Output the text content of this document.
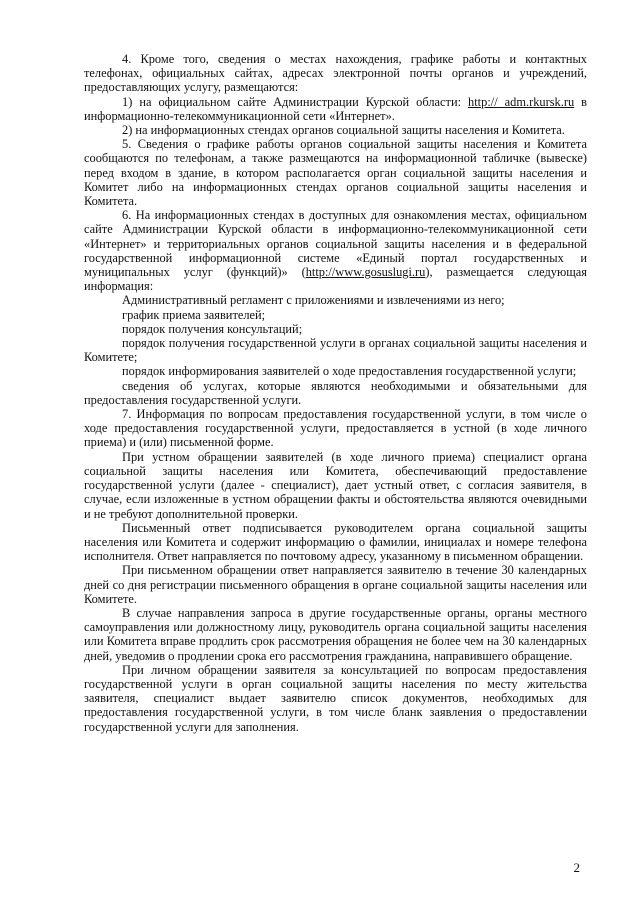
4. Кроме того, сведения о местах нахождения, графике работы и контактных телефонах, официальных сайтах, адресах электронной почты органов и учреждений, предоставляющих услугу, размещаются:

1) на официальном сайте Администрации Курской области: http:// adm.rkursk.ru в информационно-телекоммуникационной сети «Интернет».

2) на информационных стендах органов социальной защиты населения и Комитета.

5. Сведения о графике работы органов социальной защиты населения и Комитета сообщаются по телефонам, а также размещаются на информационной табличке (вывеске) перед входом в здание, в котором располагается орган социальной защиты населения и Комитет либо на информационных стендах органов социальной защиты населения и Комитета.

6. На информационных стендах в доступных для ознакомления местах, официальном сайте Администрации Курской области в информационно-телекоммуникационной сети «Интернет» и территориальных органов социальной защиты населения и в федеральной государственной информационной системе «Единый портал государственных и муниципальных услуг (функций)» (http://www.gosuslugi.ru), размещается следующая информация:

Административный регламент с приложениями и извлечениями из него;

график приема заявителей;

порядок получения консультаций;

порядок получения государственной услуги в органах социальной защиты населения и Комитете;

порядок информирования заявителей о ходе предоставления государственной услуги;

сведения об услугах, которые являются необходимыми и обязательными для предоставления государственной услуги.

7. Информация по вопросам предоставления государственной услуги, в том числе о ходе предоставления государственной услуги, предоставляется в устной (в ходе личного приема) и (или) письменной форме.

При устном обращении заявителей (в ходе личного приема) специалист органа социальной защиты населения или Комитета, обеспечивающий предоставление государственной услуги (далее - специалист), дает устный ответ, с согласия заявителя, в случае, если изложенные в устном обращении факты и обстоятельства являются очевидными и не требуют дополнительной проверки.

Письменный ответ подписывается руководителем органа социальной защиты населения или Комитета и содержит информацию о фамилии, инициалах и номере телефона исполнителя. Ответ направляется по почтовому адресу, указанному в письменном обращении.

При письменном обращении ответ направляется заявителю в течение 30 календарных дней со дня регистрации письменного обращения в органе социальной защиты населения или Комитете.

В случае направления запроса в другие государственные органы, органы местного самоуправления или должностному лицу, руководитель органа социальной защиты населения или Комитета вправе продлить срок рассмотрения обращения не более чем на 30 календарных дней, уведомив о продлении срока его рассмотрения гражданина, направившего обращение.

При личном обращении заявителя за консультацией по вопросам предоставления государственной услуги в орган социальной защиты населения по месту жительства заявителя, специалист выдает заявителю список документов, необходимых для предоставления государственной услуги, в том числе бланк заявления о предоставлении государственной услуги для заполнения.

2
